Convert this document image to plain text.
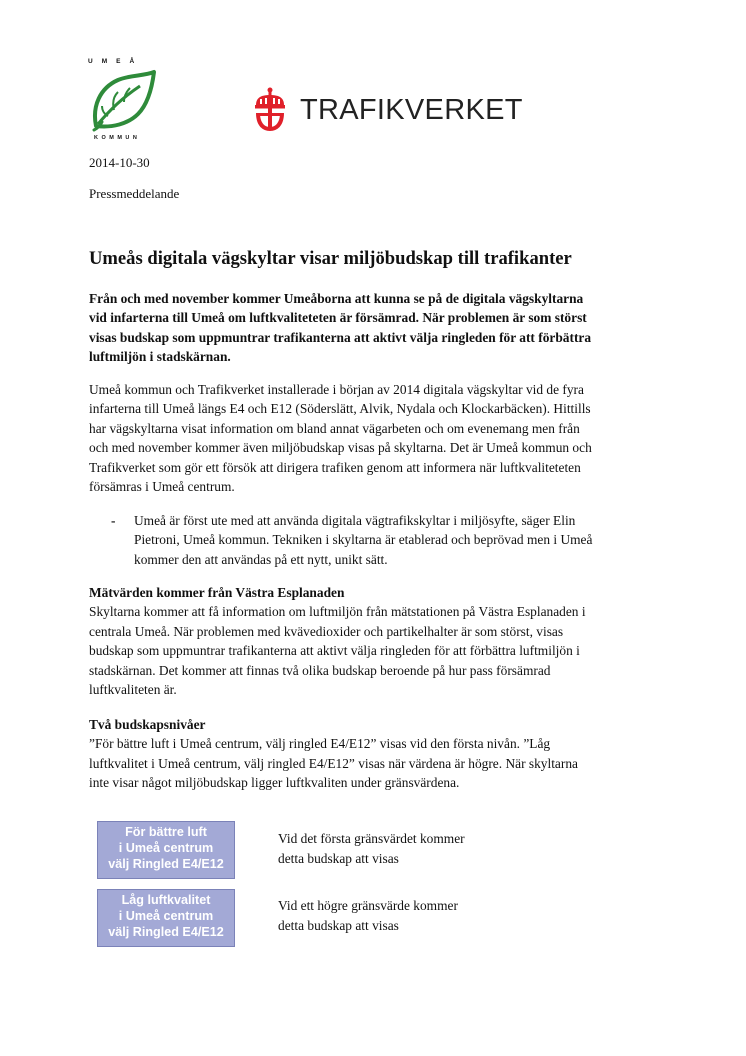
UMEÅ
KOMMUN
TRAFIKVERKET
2014-10-30
Pressmeddelande
Umeås digitala vägskyltar visar miljöbudskap till trafikanter

Från och med november kommer Umeåborna att kunna se på de digitala vägskyltarna

vid infarterna till Umeå om luftkvaliteteten är försämrad. När problemen är som störst

visas budskap som uppmuntrar trafikanterna att aktivt välja ringleden för att förbättra

luftmiljön i stadskärnan.

Umeå kommun och Trafikverket installerade i början av 2014 digitala vägskyltar vid de fyra

infarterna till Umeå längs E4 och E12 (Söderslätt, Alvik, Nydala och Klockarbäcken). Hittills

har vägskyltarna visat information om bland annat vägarbeten och om evenemang men från

och med november kommer även miljöbudskap visas på skyltarna. Det är Umeå kommun och

Trafikverket som gör ett försök att dirigera trafiken genom att informera när luftkvaliteteten

försämras i Umeå centrum.

- Umeå är först ute med att använda digitala vägtrafikskyltar i miljösyfte, säger Elin
Pietroni, Umeå kommun. Tekniken i skyltarna är etablerad och beprövad men i Umeå
kommer den att användas på ett nytt, unikt sätt.

Mätvärden kommer från Västra Esplanaden

Skyltarna kommer att få information om luftmiljön från mätstationen på Västra Esplanaden i

centrala Umeå. När problemen med kvävedioxider och partikelhalter är som störst, visas

budskap som uppmuntrar trafikanterna att aktivt välja ringleden för att förbättra luftmiljön i

stadskärnan. Det kommer att finnas två olika budskap beroende på hur pass försämrad

luftkvaliteten är.

Två budskapsnivåer

”För bättre luft i Umeå centrum, välj ringled E4/E12” visas vid den första nivån. ”Låg

luftkvalitet i Umeå centrum, välj ringled E4/E12” visas när värdena är högre. När skyltarna

inte visar något miljöbudskap ligger luftkvaliten under gränsvärdena.

För bättre luft
i Umeå centrum
välj Ringled E4/E12
Vid det första gränsvärdet kommer
detta budskap att visas
Låg luftkvalitet
i Umeå centrum
välj Ringled E4/E12
Vid ett högre gränsvärde kommer
detta budskap att visas
